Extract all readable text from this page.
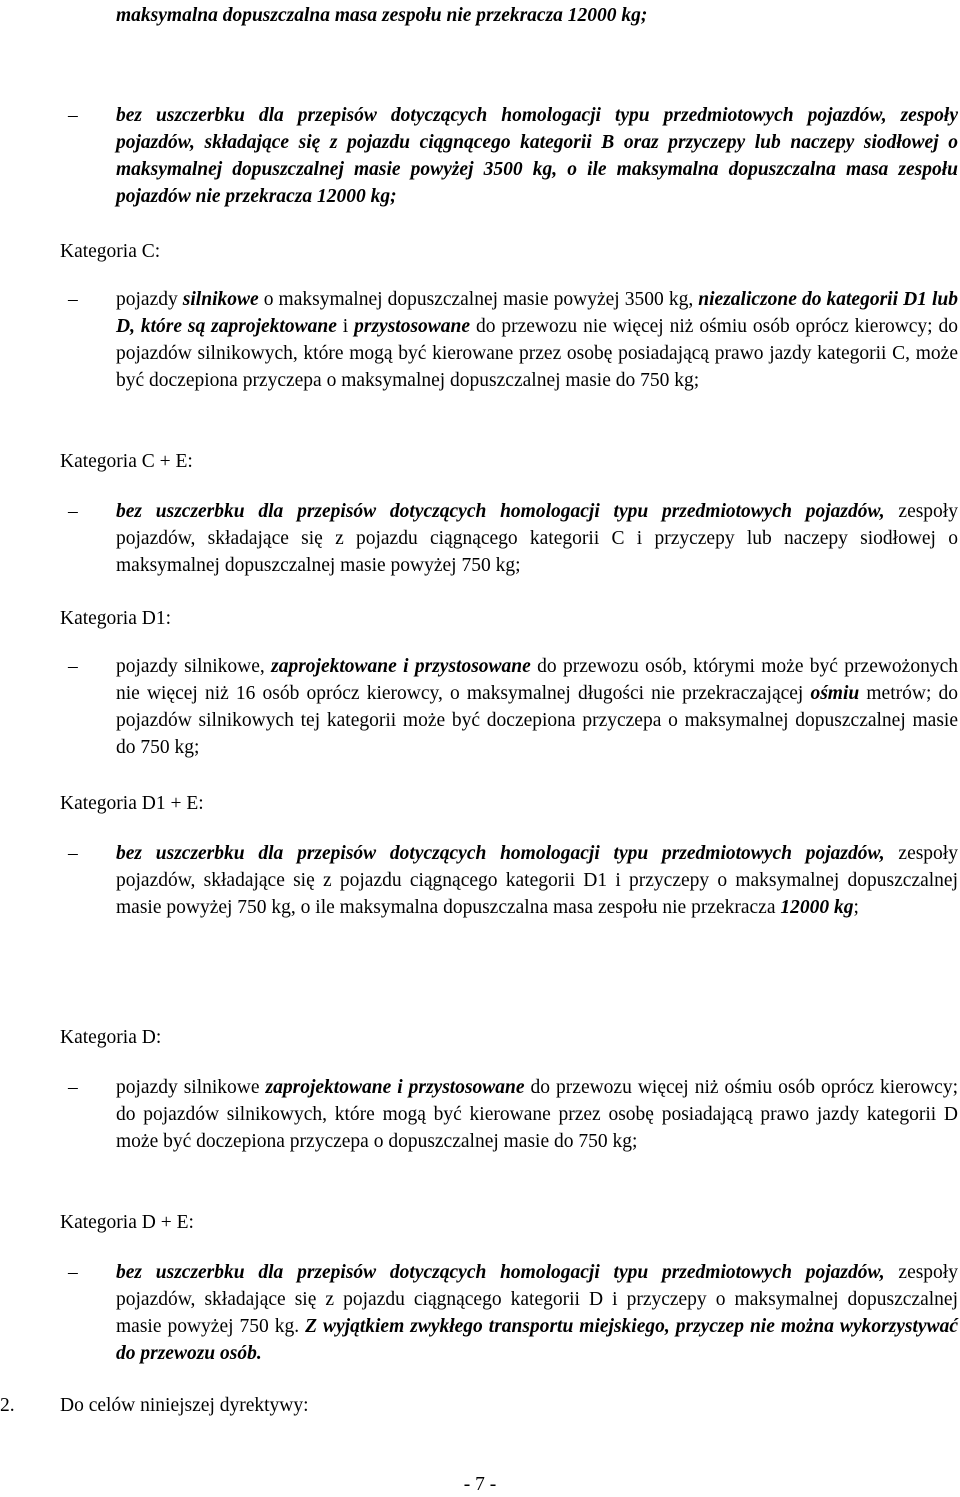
maksymalna dopuszczalna masa zespołu nie przekracza 12000 kg;
– bez uszczerbku dla przepisów dotyczących homologacji typu przedmiotowych pojazdów, zespoły pojazdów, składające się z pojazdu ciągnącego kategorii B oraz przyczepy lub naczepy siodłowej o maksymalnej dopuszczalnej masie powyżej 3500 kg, o ile maksymalna dopuszczalna masa zespołu pojazdów nie przekracza 12000 kg;
Kategoria C:
– pojazdy silnikowe o maksymalnej dopuszczalnej masie powyżej 3500 kg, niezaliczone do kategorii D1 lub D, które są zaprojektowane i przystosowane do przewozu nie więcej niż ośmiu osób oprócz kierowcy; do pojazdów silnikowych, które mogą być kierowane przez osobę posiadającą prawo jazdy kategorii C, może być doczepiona przyczepa o maksymalnej dopuszczalnej masie do 750 kg;
Kategoria C + E:
– bez uszczerbku dla przepisów dotyczących homologacji typu przedmiotowych pojazdów, zespoły pojazdów, składające się z pojazdu ciągnącego kategorii C i przyczepy lub naczepy siodłowej o maksymalnej dopuszczalnej masie powyżej 750 kg;
Kategoria D1:
– pojazdy silnikowe, zaprojektowane i przystosowane do przewozu osób, którymi może być przewożonych nie więcej niż 16 osób oprócz kierowcy, o maksymalnej długości nie przekraczającej ośmiu metrów; do pojazdów silnikowych tej kategorii może być doczepiona przyczepa o maksymalnej dopuszczalnej masie do 750 kg;
Kategoria D1 + E:
– bez uszczerbku dla przepisów dotyczących homologacji typu przedmiotowych pojazdów, zespoły pojazdów, składające się z pojazdu ciągnącego kategorii D1 i przyczepy o maksymalnej dopuszczalnej masie powyżej 750 kg, o ile maksymalna dopuszczalna masa zespołu nie przekracza 12000 kg;
Kategoria D:
– pojazdy silnikowe zaprojektowane i przystosowane do przewozu więcej niż ośmiu osób oprócz kierowcy; do pojazdów silnikowych, które mogą być kierowane przez osobę posiadającą prawo jazdy kategorii D może być doczepiona przyczepa o dopuszczalnej masie do 750 kg;
Kategoria D + E:
– bez uszczerbku dla przepisów dotyczących homologacji typu przedmiotowych pojazdów, zespoły pojazdów, składające się z pojazdu ciągnącego kategorii D i przyczepy o maksymalnej dopuszczalnej masie powyżej 750 kg. Z wyjątkiem zwykłego transportu miejskiego, przyczep nie można wykorzystywać do przewozu osób.
2. Do celów niniejszej dyrektywy:
- 7 -
